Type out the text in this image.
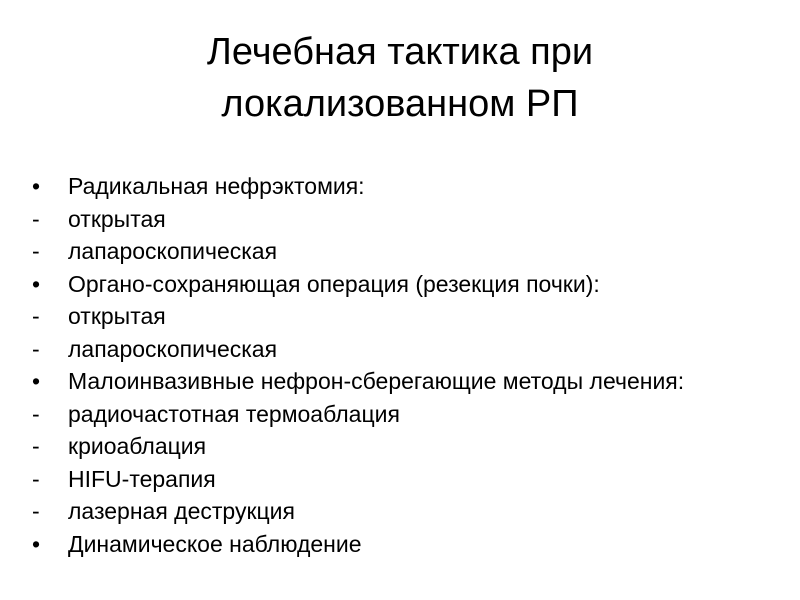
Лечебная тактика при
локализованном РП
•	Радикальная нефрэктомия:
-	открытая
-	лапароскопическая
•	Органо-сохраняющая операция (резекция почки):
-	открытая
-	лапароскопическая
•	Малоинвазивные нефрон-сберегающие методы лечения:
-	радиочастотная термоаблация
-	криоаблация
-	HIFU-терапия
-	лазерная деструкция
•	Динамическое наблюдение
